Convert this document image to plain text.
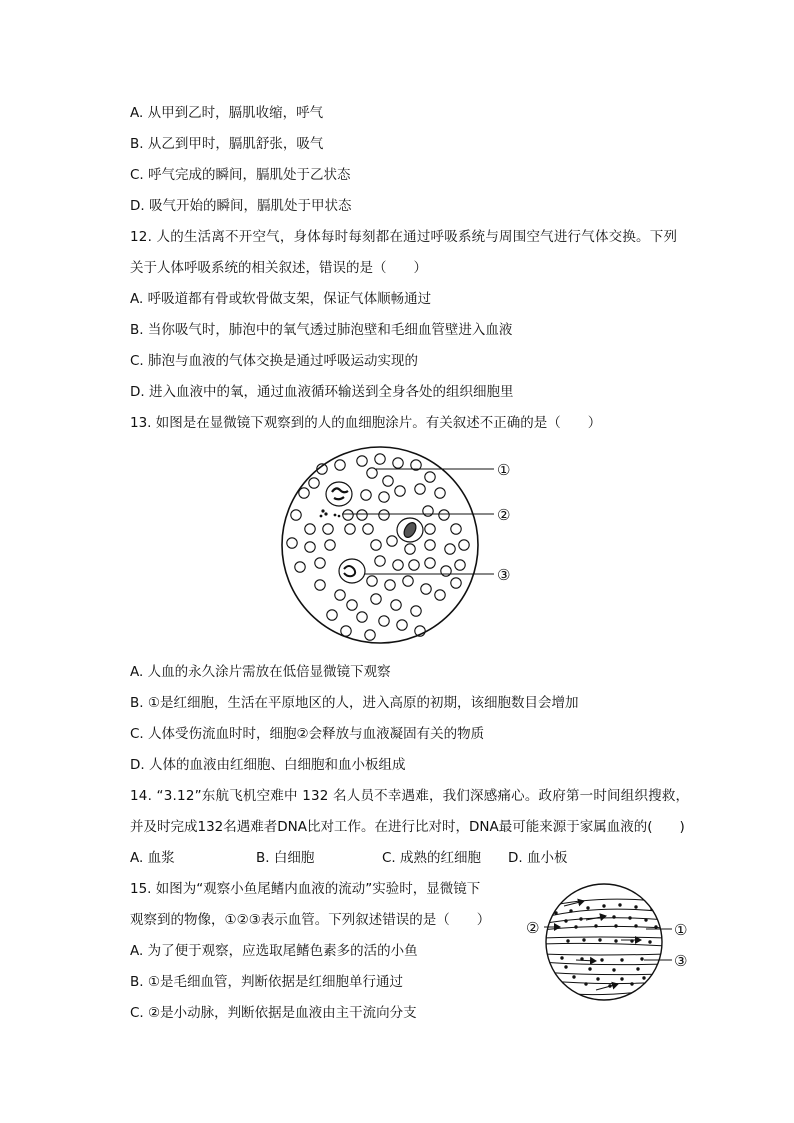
A. 从甲到乙时，膈肌收缩，呼气
B. 从乙到甲时，膈肌舒张，吸气
C. 呼气完成的瞬间，膈肌处于乙状态
D. 吸气开始的瞬间，膈肌处于甲状态
12. 人的生活离不开空气，身体每时每刻都在通过呼吸系统与周围空气进行气体交换。下列
关于人体呼吸系统的相关叙述，错误的是（　　）
A. 呼吸道都有骨或软骨做支架，保证气体顺畅通过
B. 当你吸气时，肺泡中的氧气透过肺泡壁和毛细血管壁进入血液
C. 肺泡与血液的气体交换是通过呼吸运动实现的
D. 进入血液中的氧，通过血液循环输送到全身各处的组织细胞里
13. 如图是在显微镜下观察到的人的血细胞涂片。有关叙述不正确的是（　　）
①
②
③
A. 人血的永久涂片需放在低倍显微镜下观察
B. ①是红细胞，生活在平原地区的人，进入高原的初期，该细胞数目会增加
C. 人体受伤流血时时，细胞②会释放与血液凝固有关的物质
D. 人体的血液由红细胞、白细胞和血小板组成
14. “3.12”东航飞机空难中 132 名人员不幸遇难，我们深感痛心。政府第一时间组织搜救，
并及时完成132名遇难者DNA比对工作。在进行比对时，DNA最可能来源于家属血液的(　　)
A. 血浆	B. 白细胞	C. 成熟的红细胞 D. 血小板
15. 如图为“观察小鱼尾鳍内血液的流动”实验时，显微镜下
观察到的物像，①②③表示血管。下列叙述错误的是（　　）
A. 为了便于观察，应选取尾鳍色素多的活的小鱼
B. ①是毛细血管，判断依据是红细胞单行通过
C. ②是小动脉，判断依据是血液由主干流向分支
②	①
③
